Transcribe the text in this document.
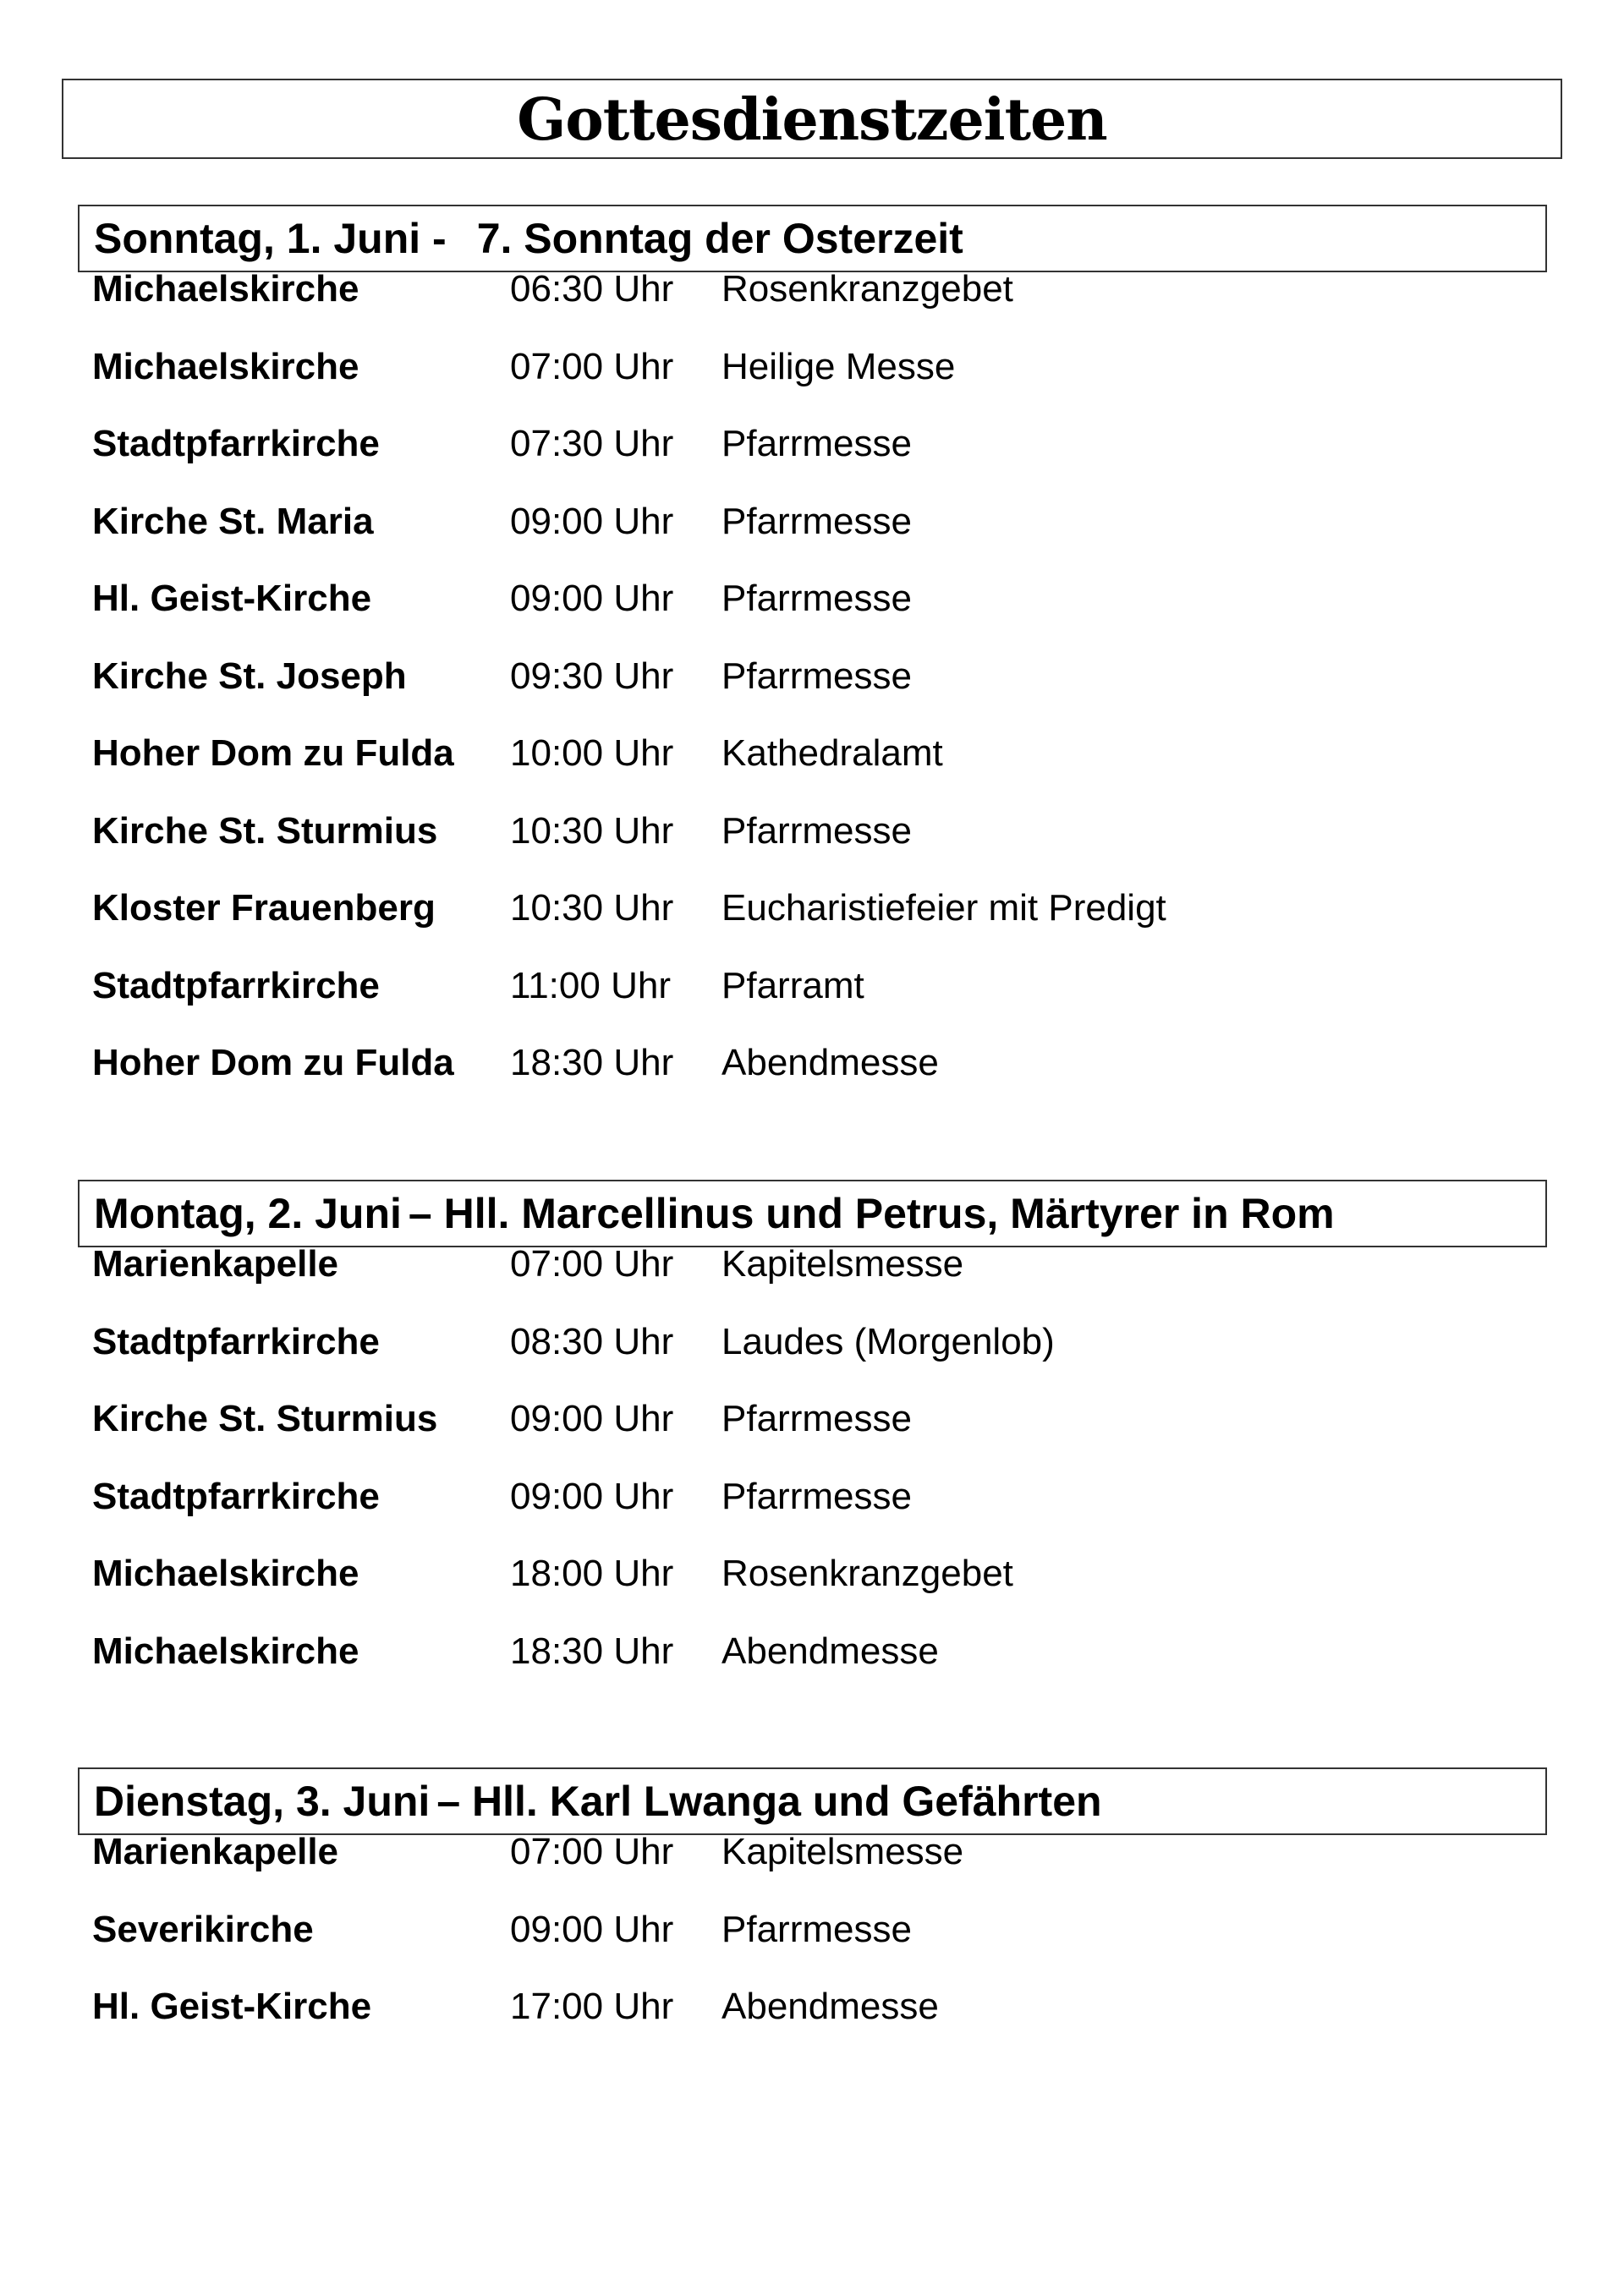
Gottesdienstzeiten
Sonntag, 1. Juni - 7. Sonntag der Osterzeit
Michaelskirche	06:30 Uhr Rosenkranzgebet
Michaelskirche	07:00 Uhr Heilige Messe
Stadtpfarrkirche	07:30 Uhr Pfarrmesse
Kirche St. Maria	09:00 Uhr Pfarrmesse
Hl. Geist-Kirche	09:00 Uhr Pfarrmesse
Kirche St. Joseph	09:30 Uhr Pfarrmesse
Hoher Dom zu Fulda 10:00 Uhr Kathedralamt
Kirche St. Sturmius 10:30 Uhr Pfarrmesse
Kloster Frauenberg 10:30 Uhr Eucharistiefeier mit Predigt
Stadtpfarrkirche	11:00 Uhr Pfarramt
Hoher Dom zu Fulda 18:30 Uhr Abendmesse
Montag, 2. Juni – Hll. Marcellinus und Petrus, Märtyrer in Rom
Marienkapelle	07:00 Uhr Kapitelsmesse
Stadtpfarrkirche	08:30 Uhr Laudes (Morgenlob)
Kirche St. Sturmius 09:00 Uhr Pfarrmesse
Stadtpfarrkirche	09:00 Uhr Pfarrmesse
Michaelskirche	18:00 Uhr Rosenkranzgebet
Michaelskirche	18:30 Uhr Abendmesse
Dienstag, 3. Juni – Hll. Karl Lwanga und Gefährten
Marienkapelle	07:00 Uhr Kapitelsmesse
Severikirche	09:00 Uhr Pfarrmesse
Hl. Geist-Kirche	17:00 Uhr Abendmesse
